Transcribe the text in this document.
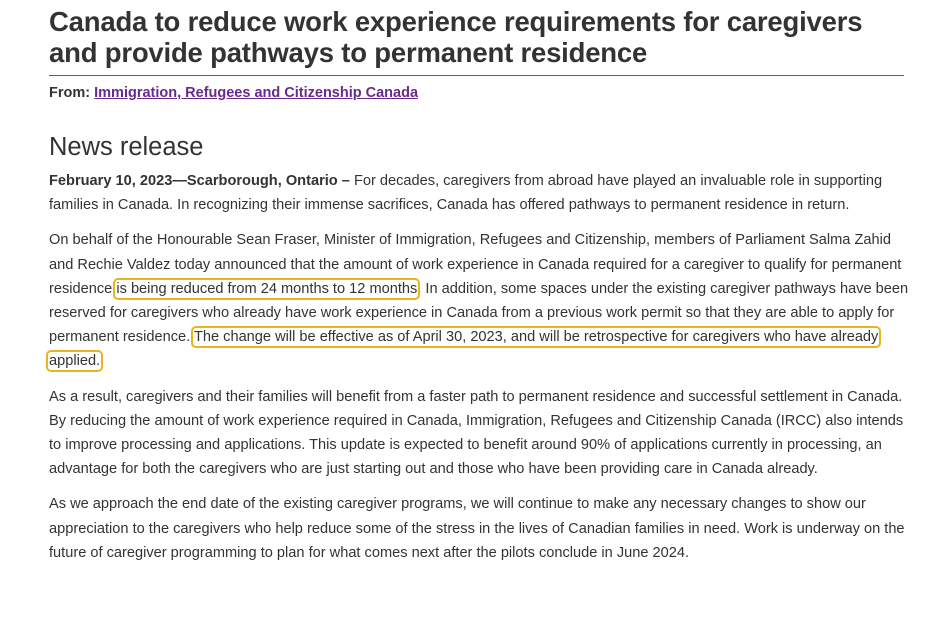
Canada to reduce work experience requirements for caregivers and provide pathways to permanent residence
From: Immigration, Refugees and Citizenship Canada
News release

February 10, 2023—Scarborough, Ontario – For decades, caregivers from abroad have played an invaluable role in supporting families in Canada. In recognizing their immense sacrifices, Canada has offered pathways to permanent residence in return.

On behalf of the Honourable Sean Fraser, Minister of Immigration, Refugees and Citizenship, members of Parliament Salma Zahid and Rechie Valdez today announced that the amount of work experience in Canada required for a caregiver to qualify for permanent residence is being reduced from 24 months to 12 months. In addition, some spaces under the existing caregiver pathways have been reserved for caregivers who already have work experience in Canada from a previous work permit so that they are able to apply for permanent residence. The change will be effective as of April 30, 2023, and will be retrospective for caregivers who have already applied.

As a result, caregivers and their families will benefit from a faster path to permanent residence and successful settlement in Canada. By reducing the amount of work experience required in Canada, Immigration, Refugees and Citizenship Canada (IRCC) also intends to improve processing and applications. This update is expected to benefit around 90% of applications currently in processing, an advantage for both the caregivers who are just starting out and those who have been providing care in Canada already.

As we approach the end date of the existing caregiver programs, we will continue to make any necessary changes to show our appreciation to the caregivers who help reduce some of the stress in the lives of Canadian families in need. Work is underway on the future of caregiver programming to plan for what comes next after the pilots conclude in June 2024.
